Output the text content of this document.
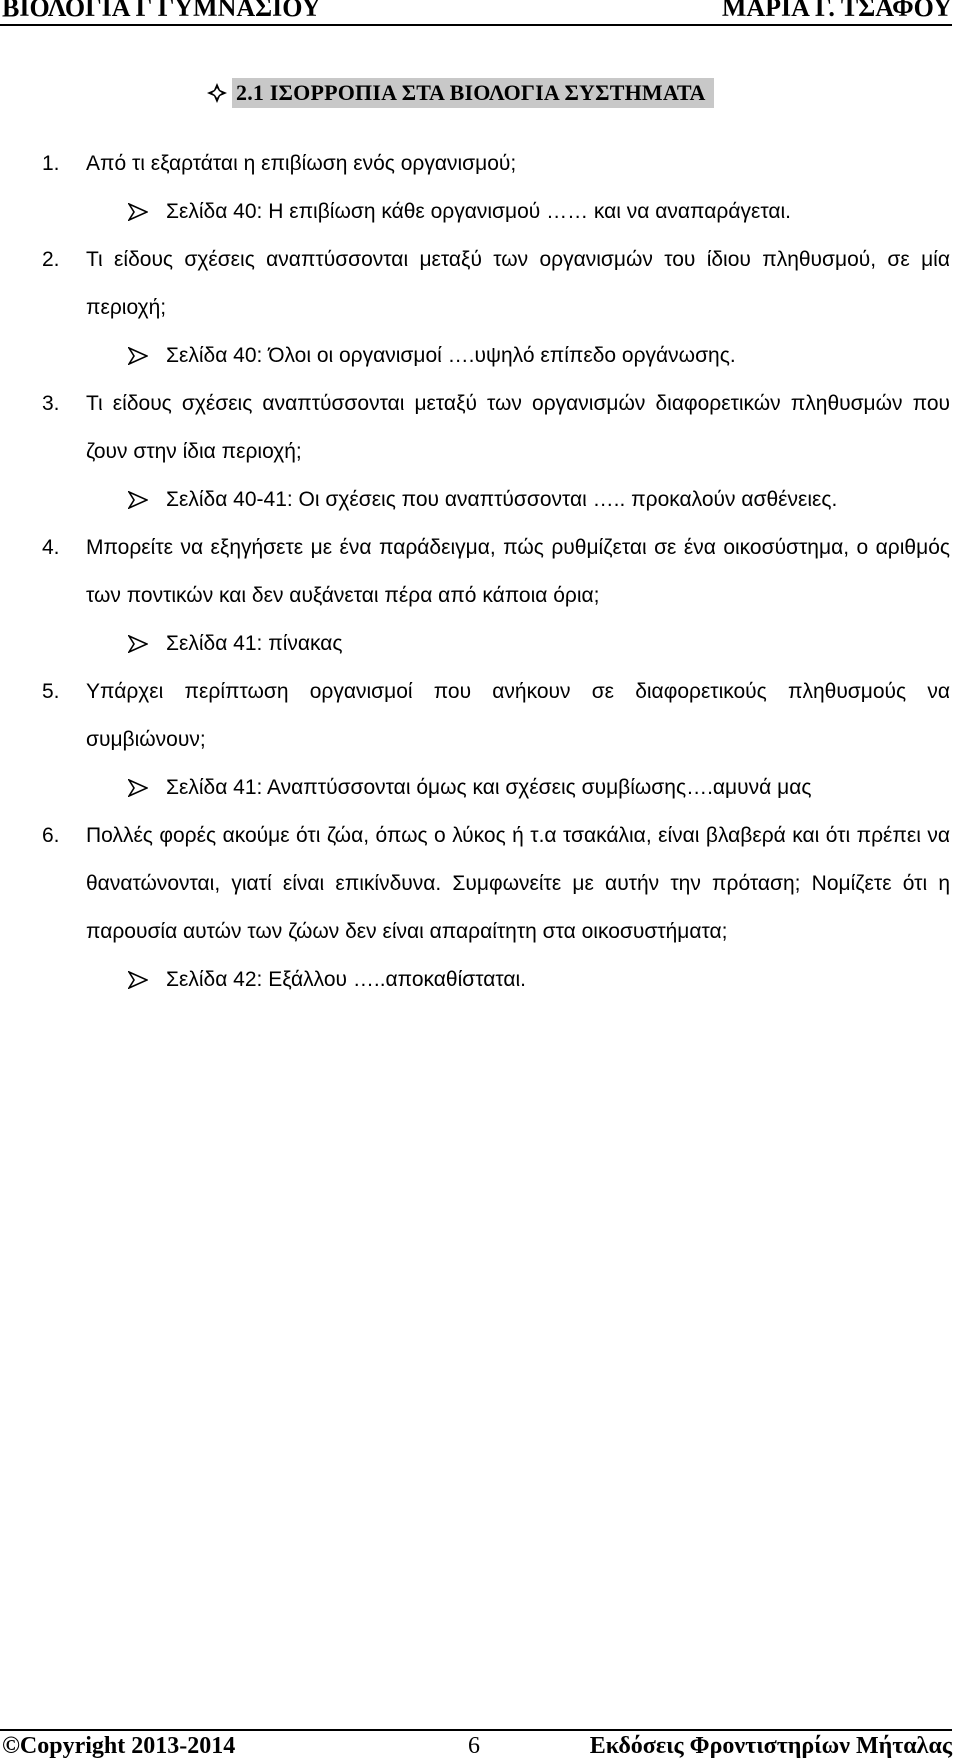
ΒΙΟΛΟΓΙΑ Γ ΓΥΜΝΑΣΙΟΥ	ΜΑΡΙΑ Γ. ΤΣΑΦΟΥ
2.1 ΙΣΟΡΡΟΠΙΑ ΣΤΑ ΒΙΟΛΟΓΙΑ ΣΥΣΤΗΜΑΤΑ
1. Από τι εξαρτάται η επιβίωση ενός οργανισμού;
Σελίδα 40: Η επιβίωση κάθε οργανισμού …… και να αναπαράγεται.
2. Τι είδους σχέσεις αναπτύσσονται μεταξύ των οργανισμών του ίδιου πληθυσμού, σε μία περιοχή;
Σελίδα 40: Όλοι οι οργανισμοί ….υψηλό επίπεδο οργάνωσης.
3. Τι είδους σχέσεις αναπτύσσονται μεταξύ των οργανισμών διαφορετικών πληθυσμών που ζουν στην ίδια περιοχή;
Σελίδα 40-41: Οι σχέσεις που αναπτύσσονται ….. προκαλούν ασθένειες.
4. Μπορείτε να εξηγήσετε με ένα παράδειγμα, πώς ρυθμίζεται σε ένα οικοσύστημα, ο αριθμός των ποντικών και δεν αυξάνεται πέρα από κάποια όρια;
Σελίδα 41: πίνακας
5. Υπάρχει περίπτωση οργανισμοί που ανήκουν σε διαφορετικούς πληθυσμούς να συμβιώνουν;
Σελίδα 41: Αναπτύσσονται όμως και σχέσεις συμβίωσης….αμυνά μας
6. Πολλές φορές ακούμε ότι ζώα, όπως ο λύκος ή τ.α τσακάλια, είναι βλαβερά και ότι πρέπει να θανατώνονται, γιατί είναι επικίνδυνα. Συμφωνείτε με αυτήν την πρόταση; Νομίζετε ότι η παρουσία αυτών των ζώων δεν είναι απαραίτητη στα οικοσυστήματα;
Σελίδα 42: Εξάλλου …..αποκαθίσταται.
©Copyright 2013-2014	6	Εκδόσεις Φροντιστηρίων Μήταλας
